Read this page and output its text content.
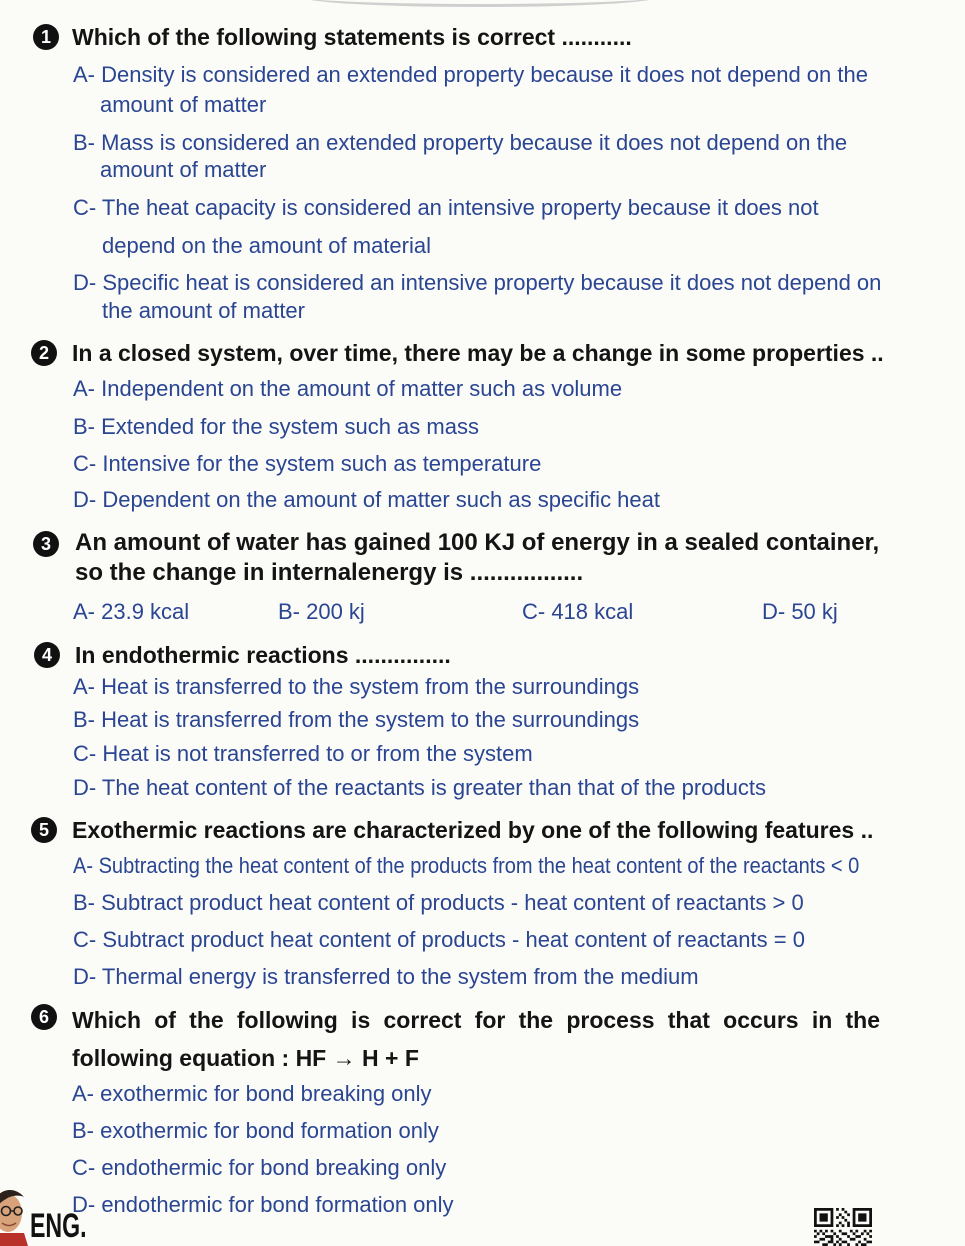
1 Which of the following statements is correct ...........
A- Density is considered an extended property because it does not depend on the
amount of matter
B- Mass is considered an extended property because it does not depend on the
amount of matter
C- The heat capacity is considered an intensive property because it does not
depend on the amount of material
D- Specific heat is considered an intensive property because it does not depend on
the amount of matter
2	In a closed system, over time, there may be a change in some properties ..
A- Independent on the amount of matter such as volume
B- Extended for the system such as mass
C- Intensive for the system such as temperature
D- Dependent on the amount of matter such as specific heat
3	An amount of water has gained 100 KJ of energy in a sealed container,
so the change in internalenergy is .................
A- 23.9 kcal	B- 200 kj	C- 418 kcal	D- 50 kj
4	In endothermic reactions ...............
A- Heat is transferred to the system from the surroundings
B- Heat is transferred from the system to the surroundings
C- Heat is not transferred to or from the system
D- The heat content of the reactants is greater than that of the products
5	Exothermic reactions are characterized by one of the following features ..
A- Subtracting the heat content of the products from the heat content of the reactants < 0
B- Subtract product heat content of products - heat content of reactants > 0
C- Subtract product heat content of products - heat content of reactants = 0
D- Thermal energy is transferred to the system from the medium
6	Which of the following is correct for the process that occurs in the
following equation : HF → H + F
A- exothermic for bond breaking only
B- exothermic for bond formation only
C- endothermic for bond breaking only
D- endothermic for bond formation only
ENG.
